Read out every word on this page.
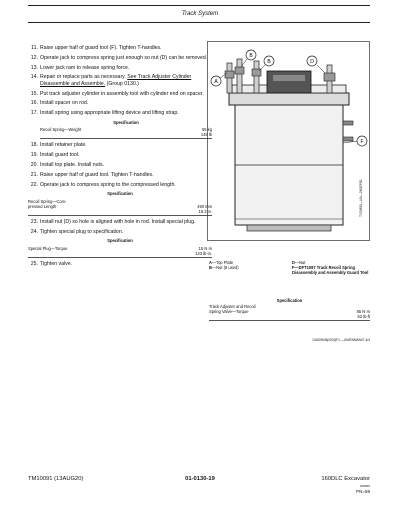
Track System
11. Raise upper half of guard tool (F). Tighten T-handles.
12. Operate jack to compress spring just enough so nut (D) can be removed.
13. Lower jack ram to release spring force.
14. Repair or replace parts as necessary. See Track Adjuster Cylinder Disassemble and Assemble. (Group 0130.)
15. Put track adjuster cylinder in assembly tool with cylinder end on spacer.
16. Install spacer on rod.
17. Install spring using appropriate lifting device and lifting strap.
Specification
Recoil Spring—Weight	65 kg
145 lb
18. Install retainer plate.
19. Install guard tool.
20. Install top plate. Install nuts.
21. Raise upper half of guard tool. Tighten T-handles.
22. Operate jack to compress spring to the compressed length.
Specification
Recoil Spring—Com-
pressed Length	490 mm
19.3 in.
23. Install nut (D) so hole is aligned with hole in rod. Install special plug.
24. Tighten special plug to specification.
Specification
Special Plug—Torque	15 N·m
133 lb-in.
25. Tighten valve.
A
B
B	D
F
TY29631—UN—26SEP00
A—Top Plate
B—Nut (8 used)
D—Nut
F—DFT1097 Track Recoil Spring Disassembly and Assembly Guard Tool
Specification
Track Adjuster and Recoil
Spring Valve—Torque	85 N·m
63 lb-ft
GUID9646|0002|F1 —UN/ENMAN07-4/4
TM10091 (13AUG20)	01-0130-19	160DLC Excavator
020820
PN=59
